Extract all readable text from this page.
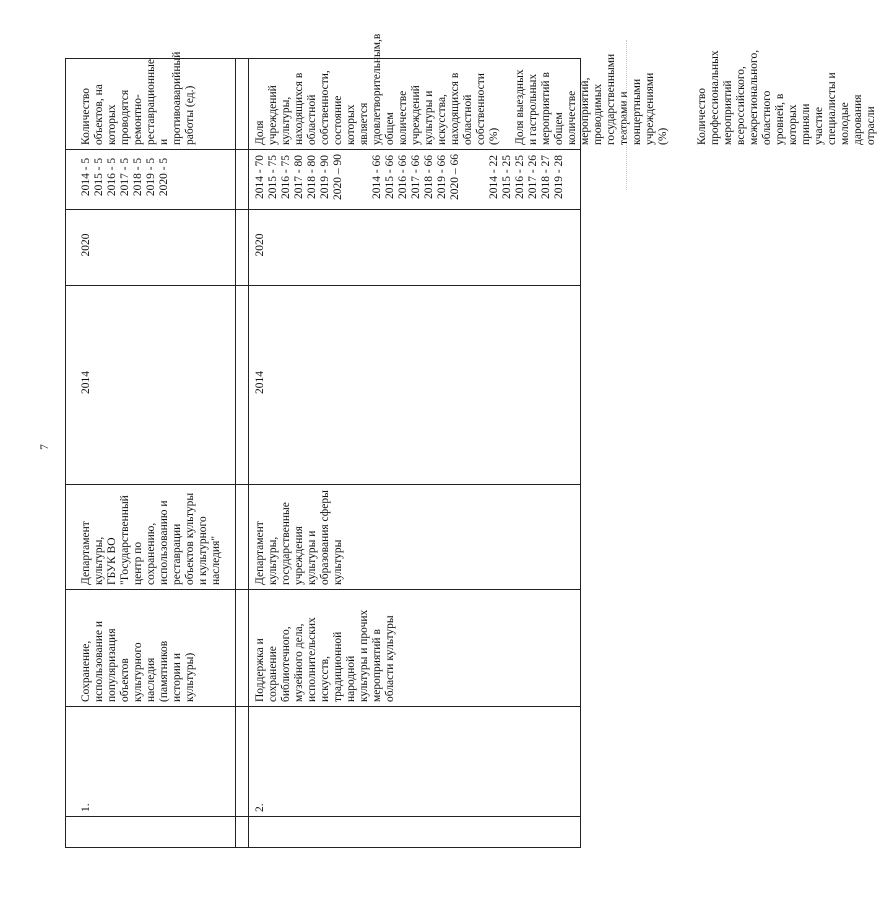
7
Количество объектов, на которых
проводятся ремонтно-реставрационные
и противоаварийный работы (ед.)
2014 - 5
2015 - 5
2016 - 5
2017 - 5
2018 - 5
2019 - 5
2020 - 5
2020
2014
Департамент
культуры,
ГБУК ВО
"Государственный
центр по
сохранению,
использованию и
реставрации
объектов культуры
и культурного
наследия"
Сохранение,
использование и
популяризация
объектов
культурного
наследия
(памятников
истории и
культуры)
1.
Доля учреждений культуры,
находящихся в областной
собственности, состояние которых
является удовлетворительным,в общем
количестве учреждений культуры и
искусства, находящихся в областной
собственности (%)

Доля выездных и гастрольных
мероприятий в общем количестве
мероприятий, проводимых
государственными театрами и
концертными учреждениями (%)

Количество профессиональных
мероприятий всероссийского,
межрегионального, областного
уровней, в которых приняли участие
специалисты и молодые дарования
отрасли
2014 - 70
2015 - 75
2016 - 75
2017 - 80
2018 - 80
2019 - 90
2020 – 90

2014 - 66
2015 - 66
2016 - 66
2017 - 66
2018 - 66
2019 - 66
2020 – 66

2014 - 22
2015 - 25
2016 - 25
2017 - 26
2018 - 27
2019 - 28
2020
2014
Департамент
культуры,
государственные
учреждения
культуры и
образования сферы
культуры
Поддержка и
сохранение
библиотечного,
музейного дела,
исполнительских
искусств,
традиционной
народной
культуры и прочих
мероприятий в
области культуры
2.
